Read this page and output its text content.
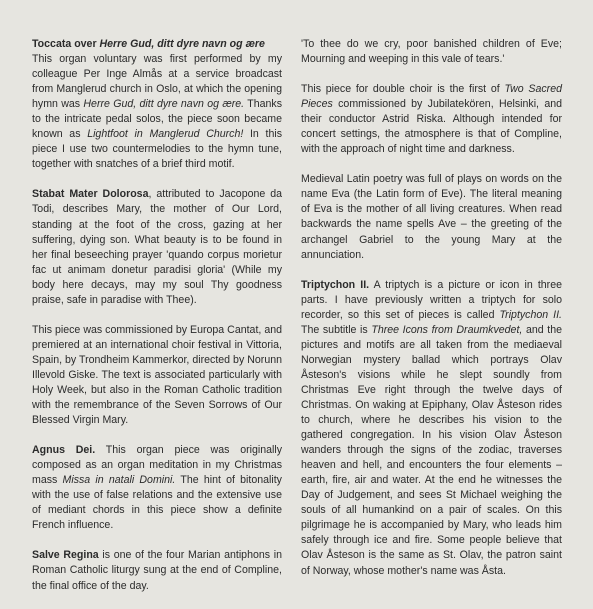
Toccata over Herre Gud, ditt dyre navn og ære
This organ voluntary was first performed by my colleague Per Inge Almås at a service broadcast from Manglerud church in Oslo, at which the opening hymn was Herre Gud, ditt dyre navn og ære. Thanks to the intricate pedal solos, the piece soon became known as Lightfoot in Manglerud Church! In this piece I use two countermelodies to the hymn tune, together with snatches of a brief third motif.

Stabat Mater Dolorosa, attributed to Jacopone da Todi, describes Mary, the mother of Our Lord, standing at the foot of the cross, gazing at her suffering, dying son. What beauty is to be found in her final beseeching prayer 'quando corpus morietur fac ut animam donetur paradisi gloria' (While my body here decays, may my soul Thy goodness praise, safe in paradise with Thee).

This piece was commissioned by Europa Cantat, and premiered at an international choir festival in Vittoria, Spain, by Trondheim Kammerkor, directed by Norunn Illevold Giske. The text is associated particularly with Holy Week, but also in the Roman Catholic tradition with the remembrance of the Seven Sorrows of Our Blessed Virgin Mary.

Agnus Dei. This organ piece was originally composed as an organ meditation in my Christmas mass Missa in natali Domini. The hint of bitonality with the use of false relations and the extensive use of mediant chords in this piece show a definite French influence.

Salve Regina is one of the four Marian antiphons in Roman Catholic liturgy sung at the end of Compline, the final office of the day.

'To thee do we cry, poor banished children of Eve; Mourning and weeping in this vale of tears.'

This piece for double choir is the first of Two Sacred Pieces commissioned by Jubilatekören, Helsinki, and their conductor Astrid Riska. Although intended for concert settings, the atmosphere is that of Compline, with the approach of night time and darkness.

Medieval Latin poetry was full of plays on words on the name Eva (the Latin form of Eve). The literal meaning of Eva is the mother of all living creatures. When read backwards the name spells Ave – the greeting of the archangel Gabriel to the young Mary at the annunciation.

Triptychon II. A triptych is a picture or icon in three parts. I have previously written a triptych for solo recorder, so this set of pieces is called Triptychon II. The subtitle is Three Icons from Draumkvedet, and the pictures and motifs are all taken from the mediaeval Norwegian mystery ballad which portrays Olav Åsteson's visions while he slept soundly from Christmas Eve right through the twelve days of Christmas. On waking at Epiphany, Olav Åsteson rides to church, where he describes his vision to the gathered congregation. In his vision Olav Åsteson wanders through the signs of the zodiac, traverses heaven and hell, and encounters the four elements – earth, fire, air and water. At the end he witnesses the Day of Judgement, and sees St Michael weighing the souls of all humankind on a pair of scales. On this pilgrimage he is accompanied by Mary, who leads him safely through ice and fire. Some people believe that Olav Åsteson is the same as St. Olav, the patron saint of Norway, whose mother's name was Åsta.
